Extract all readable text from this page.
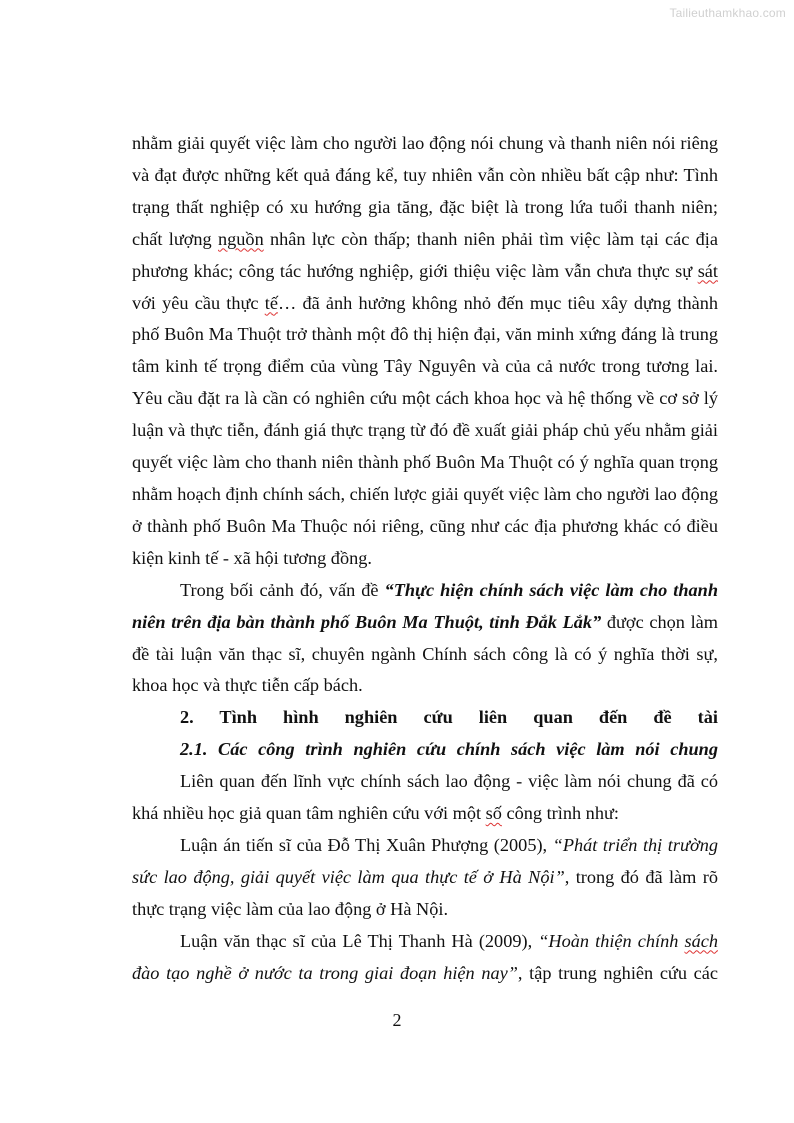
Tailieuthamkhao.com

nhằm giải quyết việc làm cho người lao động nói chung và thanh niên nói riêng

và đạt được những kết quả đáng kể, tuy nhiên vẫn còn nhiều bất cập như: Tình

trạng thất nghiệp có xu hướng gia tăng, đặc biệt là trong lứa tuổi thanh niên;

chất lượng nguồn nhân lực còn thấp; thanh niên phải tìm việc làm tại các địa

phương khác; công tác hướng nghiệp, giới thiệu việc làm vẫn chưa thực sự sát

với yêu cầu thực tế… đã ảnh hưởng không nhỏ đến mục tiêu xây dựng thành

phố Buôn Ma Thuột trở thành một đô thị hiện đại, văn minh xứng đáng là trung

tâm kinh tế trọng điểm của vùng Tây Nguyên và của cả nước trong tương lai.

Yêu cầu đặt ra là cần có nghiên cứu một cách khoa học và hệ thống về cơ sở lý

luận và thực tiễn, đánh giá thực trạng từ đó đề xuất giải pháp chủ yếu nhằm giải

quyết việc làm cho thanh niên thành phố Buôn Ma Thuột có ý nghĩa quan trọng

nhằm hoạch định chính sách, chiến lược giải quyết việc làm cho người lao động

ở thành phố Buôn Ma Thuộc nói riêng, cũng như các địa phương khác có điều

kiện kinh tế - xã hội tương đồng.

Trong bối cảnh đó, vấn đề “Thực hiện chính sách việc làm cho thanh

niên trên địa bàn thành phố Buôn Ma Thuột, tỉnh Đắk Lắk” được chọn làm

đề tài luận văn thạc sĩ, chuyên ngành Chính sách công là có ý nghĩa thời sự,

khoa học và thực tiễn cấp bách.

2. Tình hình nghiên cứu liên quan đến đề tài

2.1. Các công trình nghiên cứu chính sách việc làm nói chung

Liên quan đến lĩnh vực chính sách lao động - việc làm nói chung đã có

khá nhiều học giả quan tâm nghiên cứu với một số công trình như:

Luận án tiến sĩ của Đỗ Thị Xuân Phượng (2005), “Phát triển thị trường

sức lao động, giải quyết việc làm qua thực tế ở Hà Nội”, trong đó đã làm rõ

thực trạng việc làm của lao động ở Hà Nội.

Luận văn thạc sĩ của Lê Thị Thanh Hà (2009), “Hoàn thiện chính sách

đào tạo nghề ở nước ta trong giai đoạn hiện nay”, tập trung nghiên cứu các

2
